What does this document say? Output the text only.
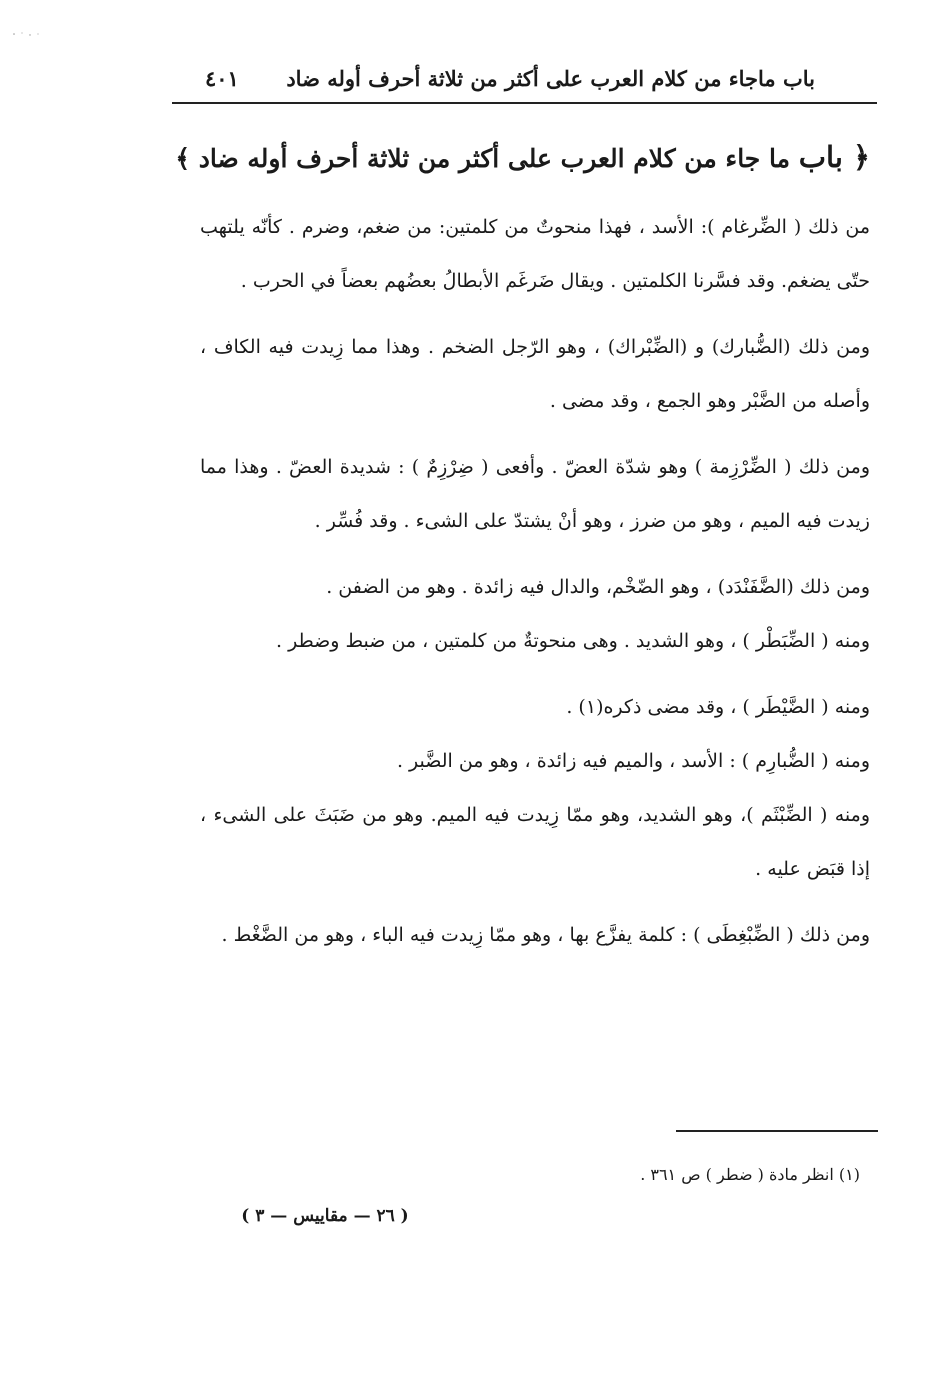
باب ماجاء من كلام العرب على أكثر من ثلاثة أحرف أوله ضاد
٤٠١
﴿ باب ما جاء من كلام العرب على أكثر من ثلاثة أحرف أوله ضاد ﴾

من ذلك ( الضِّرغام ): الأسد ، فهذا منحوتٌ من كلمتين: من ضغم، وضرم . كأنّه يلتهب حتّى يضغم. وقد فسَّرنا الكلمتين . ويقال ضَرغَم الأبطالُ بعضُهم بعضاً في الحرب .

ومن ذلك (الضُّبارك) و (الضِّبْراك) ، وهو الرّجل الضخم . وهذا مما زِيدت فيه الكاف ، وأصله من الضَّبْر وهو الجمع ، وقد مضى .

ومن ذلك ( الضِّرْزِمة ) وهو شدّة العضّ . وأفعى ( ضِرْزِمٌ ) : شديدة العضّ . وهذا مما زيدت فيه الميم ، وهو من ضرز ، وهو أنْ يشتدّ على الشىء . وقد فُسِّر .

ومن ذلك (الضَّفَنْدَد) ، وهو الضّخْم، والدال فيه زائدة . وهو من الضفن .

ومنه ( الضِّبَطْر ) ، وهو الشديد . وهى منحوتةٌ من كلمتين ، من ضبط وضطر .

ومنه ( الضَّيْطَر ) ، وقد مضى ذكره(١) .

ومنه ( الضُّبارِم ) : الأسد ، والميم فيه زائدة ، وهو من الضَّبر .

ومنه ( الضِّبْثَم )، وهو الشديد، وهو ممّا زِيدت فيه الميم. وهو من ضَبَثَ على الشىء ، إذا قبَض عليه .

ومن ذلك ( الضِّبْغِطَى ) : كلمة يفزَّع بها ، وهو ممّا زِيدت فيه الباء ، وهو من الضَّغْط .

(١) انظر مادة ( ضطر ) ص ٣٦١ .
( ٢٦ — مقاييس — ٣ )
